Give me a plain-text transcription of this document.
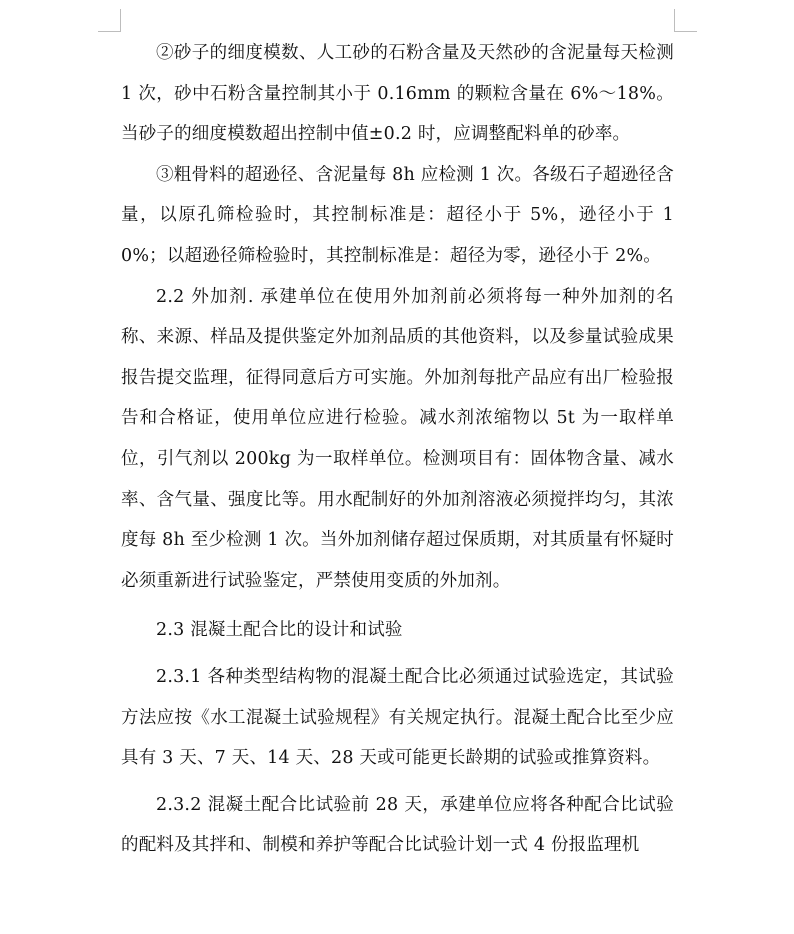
②砂子的细度模数、人工砂的石粉含量及天然砂的含泥量每天检测 1 次，砂中石粉含量控制其小于 0.16mm 的颗粒含量在 6%～18%。当砂子的细度模数超出控制中值±0.2 时，应调整配料单的砂率。

③粗骨料的超逊径、含泥量每 8h 应检测 1 次。各级石子超逊径含量，以原孔筛检验时，其控制标准是：超径小于 5%，逊径小于 10%；以超逊径筛检验时，其控制标准是：超径为零，逊径小于 2%。

2.2 外加剂. 承建单位在使用外加剂前必须将每一种外加剂的名称、来源、样品及提供鉴定外加剂品质的其他资料，以及参量试验成果报告提交监理，征得同意后方可实施。外加剂每批产品应有出厂检验报告和合格证，使用单位应进行检验。减水剂浓缩物以 5t 为一取样单位，引气剂以 200kg 为一取样单位。检测项目有：固体物含量、减水率、含气量、强度比等。用水配制好的外加剂溶液必须搅拌均匀，其浓度每 8h 至少检测 1 次。当外加剂储存超过保质期，对其质量有怀疑时必须重新进行试验鉴定，严禁使用变质的外加剂。

2.3 混凝土配合比的设计和试验

2.3.1 各种类型结构物的混凝土配合比必须通过试验选定，其试验方法应按《水工混凝土试验规程》有关规定执行。混凝土配合比至少应具有 3 天、7 天、14 天、28 天或可能更长龄期的试验或推算资料。

2.3.2 混凝土配合比试验前 28 天，承建单位应将各种配合比试验的配料及其拌和、制模和养护等配合比试验计划一式 4 份报监理机
